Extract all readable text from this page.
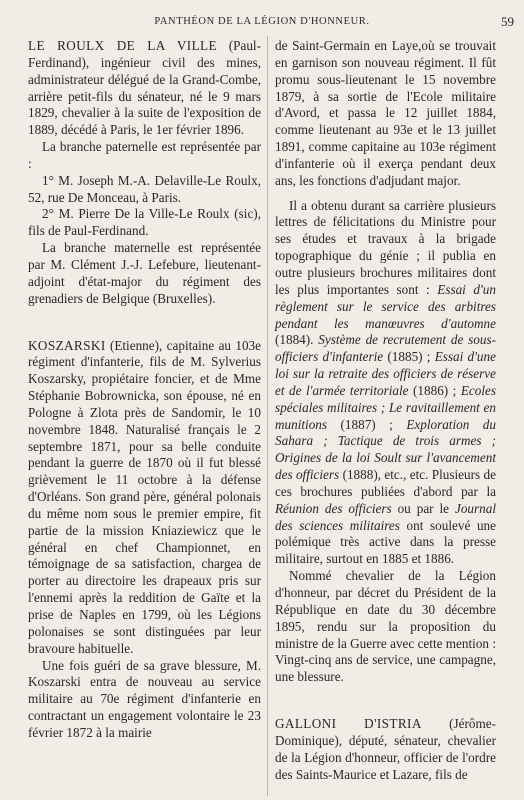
PANTHÉON DE LA LÉGION D'HONNEUR.	59

LE ROULX DE LA VILLE (Paul-Ferdinand), ingénieur civil des mines, administrateur délégué de la Grand-Combe, arrière petit-fils du sénateur, né le 9 mars 1829, chevalier à la suite de l'exposition de 1889, décédé à Paris, le 1er février 1896.

La branche paternelle est représentée par :

1° M. Joseph M.-A. Delaville-Le Roulx, 52, rue De Monceau, à Paris.

2° M. Pierre De la Ville-Le Roulx (sic), fils de Paul-Ferdinand.

La branche maternelle est représentée par M. Clément J.-J. Lefebure, lieutenant-adjoint d'état-major du régiment des grenadiers de Belgique (Bruxelles).

KOSZARSKI (Etienne), capitaine au 103e régiment d'infanterie, fils de M. Sylverius Koszarsky, propiétaire foncier, et de Mme Stéphanie Bobrownicka, son épouse, né en Pologne à Zlota près de Sandomir, le 10 novembre 1848. Naturalisé français le 2 septembre 1871, pour sa belle conduite pendant la guerre de 1870 où il fut blessé grièvement le 11 octobre à la défense d'Orléans. Son grand père, général polonais du même nom sous le premier empire, fit partie de la mission Kniaziewicz que le général en chef Championnet, en témoignage de sa satisfaction, chargea de porter au directoire les drapeaux pris sur l'ennemi après la reddition de Gaïte et la prise de Naples en 1799, où les Légions polonaises se sont distinguées par leur bravoure habituelle.

Une fois guéri de sa grave blessure, M. Koszarski entra de nouveau au service militaire au 70e régiment d'infanterie en contractant un engagement volontaire le 23 février 1872 à la mairie

de Saint-Germain en Laye,où se trouvait en garnison son nouveau régiment. Il fût promu sous-lieutenant le 15 novembre 1879, à sa sortie de l'Ecole militaire d'Avord, et passa le 12 juillet 1884, comme lieutenant au 93e et le 13 juillet 1891, comme capitaine au 103e régiment d'infanterie où il exerça pendant deux ans, les fonctions d'adjudant major.

Il a obtenu durant sa carrière plusieurs lettres de félicitations du Ministre pour ses études et travaux à la brigade topographique du génie ; il publia en outre plusieurs brochures militaires dont les plus importantes sont : Essai d'un règlement sur le service des arbitres pendant les manœuvres d'automne (1884). Système de recrutement de sous-officiers d'infanterie (1885) ; Essai d'une loi sur la retraite des officiers de réserve et de l'armée territoriale (1886) ; Ecoles spéciales militaires ; Le ravitaillement en munitions (1887) ; Exploration du Sahara ; Tactique de trois armes ; Origines de la loi Soult sur l'avancement des officiers (1888), etc., etc. Plusieurs de ces brochures publiées d'abord par la Réunion des officiers ou par le Journal des sciences militaires ont soulevé une polémique très active dans la presse militaire, surtout en 1885 et 1886.

Nommé chevalier de la Légion d'honneur, par décret du Président de la République en date du 30 décembre 1895, rendu sur la proposition du ministre de la Guerre avec cette mention : Vingt-cinq ans de service, une campagne, une blessure.

GALLONI D'ISTRIA (Jérôme-Dominique), député, sénateur, chevalier de la Légion d'honneur, officier de l'ordre des Saints-Maurice et Lazare, fils de
